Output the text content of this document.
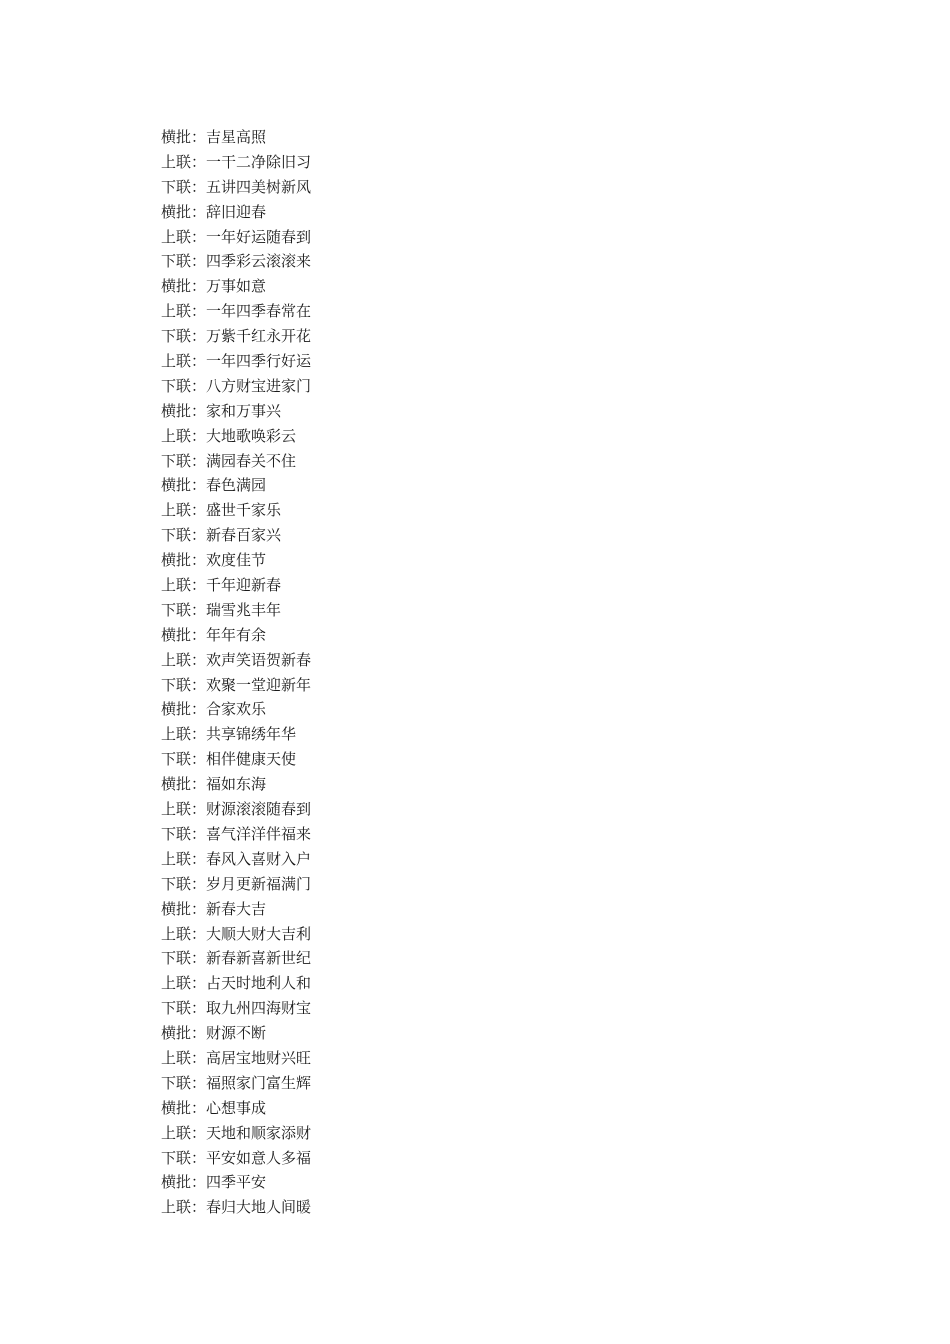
横批：吉星高照
上联：一干二净除旧习
下联：五讲四美树新风
横批：辞旧迎春
上联：一年好运随春到
下联：四季彩云滚滚来
横批：万事如意
上联：一年四季春常在
下联：万紫千红永开花
上联：一年四季行好运
下联：八方财宝进家门
横批：家和万事兴
上联：大地歌唤彩云
下联：满园春关不住
横批：春色满园
上联：盛世千家乐
下联：新春百家兴
横批：欢度佳节
上联：千年迎新春
下联：瑞雪兆丰年
横批：年年有余
上联：欢声笑语贺新春
下联：欢聚一堂迎新年
横批：合家欢乐
上联：共享锦绣年华
下联：相伴健康天使
横批：福如东海
上联：财源滚滚随春到
下联：喜气洋洋伴福来
上联：春风入喜财入户
下联：岁月更新福满门
横批：新春大吉
上联：大顺大财大吉利
下联：新春新喜新世纪
上联：占天时地利人和
下联：取九州四海财宝
横批：财源不断
上联：高居宝地财兴旺
下联：福照家门富生辉
横批：心想事成
上联：天地和顺家添财
下联：平安如意人多福
横批：四季平安
上联：春归大地人间暖
